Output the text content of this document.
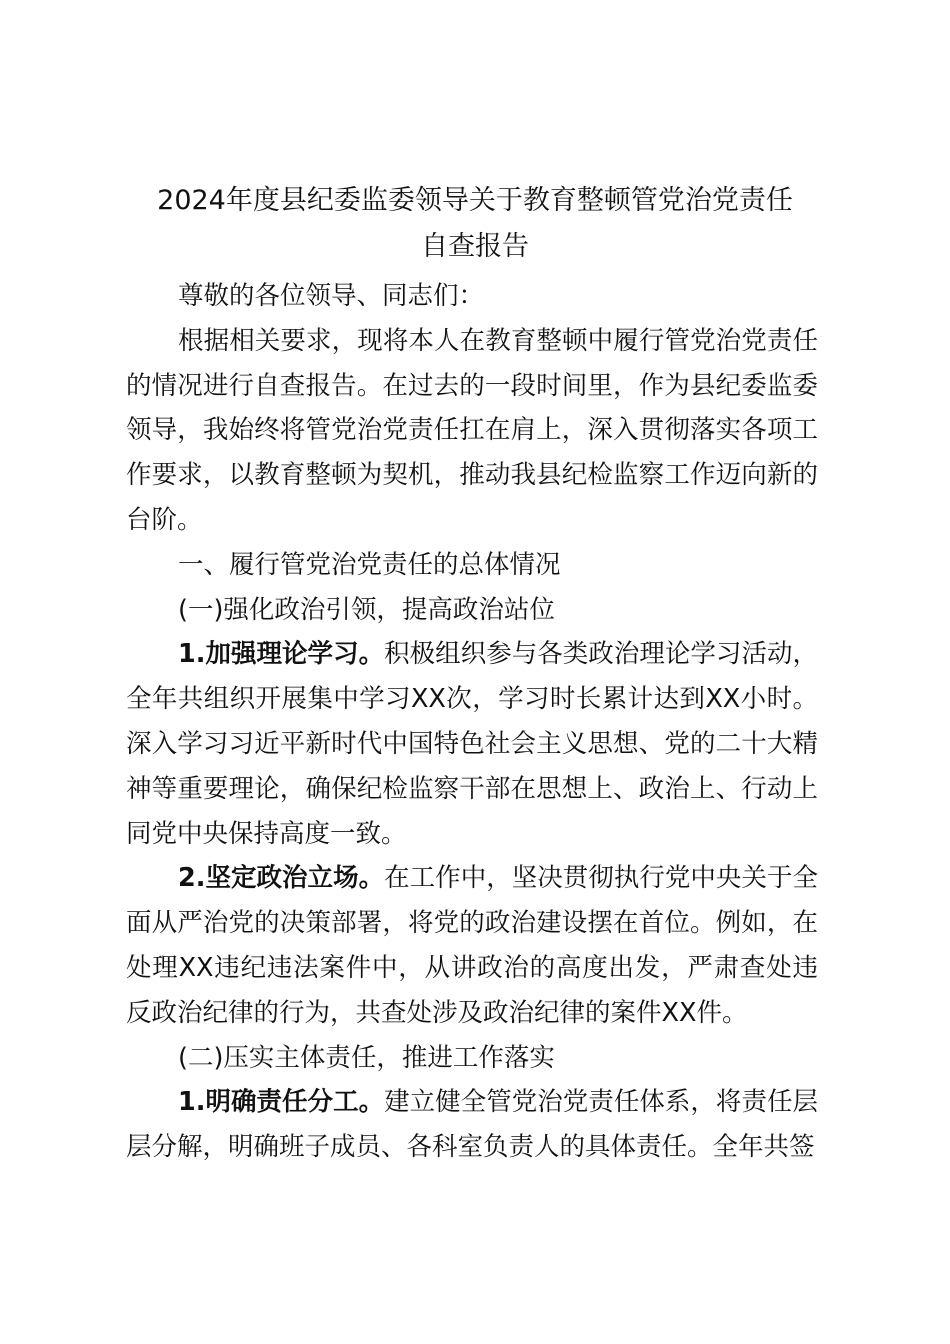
2024年度县纪委监委领导关于教育整顿管党治党责任
自查报告

尊敬的各位领导、同志们：

根据相关要求，现将本人在教育整顿中履行管党治党责任的情况进行自查报告。在过去的一段时间里，作为县纪委监委领导，我始终将管党治党责任扛在肩上，深入贯彻落实各项工作要求，以教育整顿为契机，推动我县纪检监察工作迈向新的台阶。

一、履行管党治党责任的总体情况

(一)强化政治引领，提高政治站位

1.加强理论学习。积极组织参与各类政治理论学习活动，全年共组织开展集中学习XX次，学习时长累计达到XX小时。深入学习习近平新时代中国特色社会主义思想、党的二十大精神等重要理论，确保纪检监察干部在思想上、政治上、行动上同党中央保持高度一致。

2.坚定政治立场。在工作中，坚决贯彻执行党中央关于全面从严治党的决策部署，将党的政治建设摆在首位。例如，在处理XX违纪违法案件中，从讲政治的高度出发，严肃查处违反政治纪律的行为，共查处涉及政治纪律的案件XX件。

(二)压实主体责任，推进工作落实

1.明确责任分工。建立健全管党治党责任体系，将责任层层分解，明确班子成员、各科室负责人的具体责任。全年共签
